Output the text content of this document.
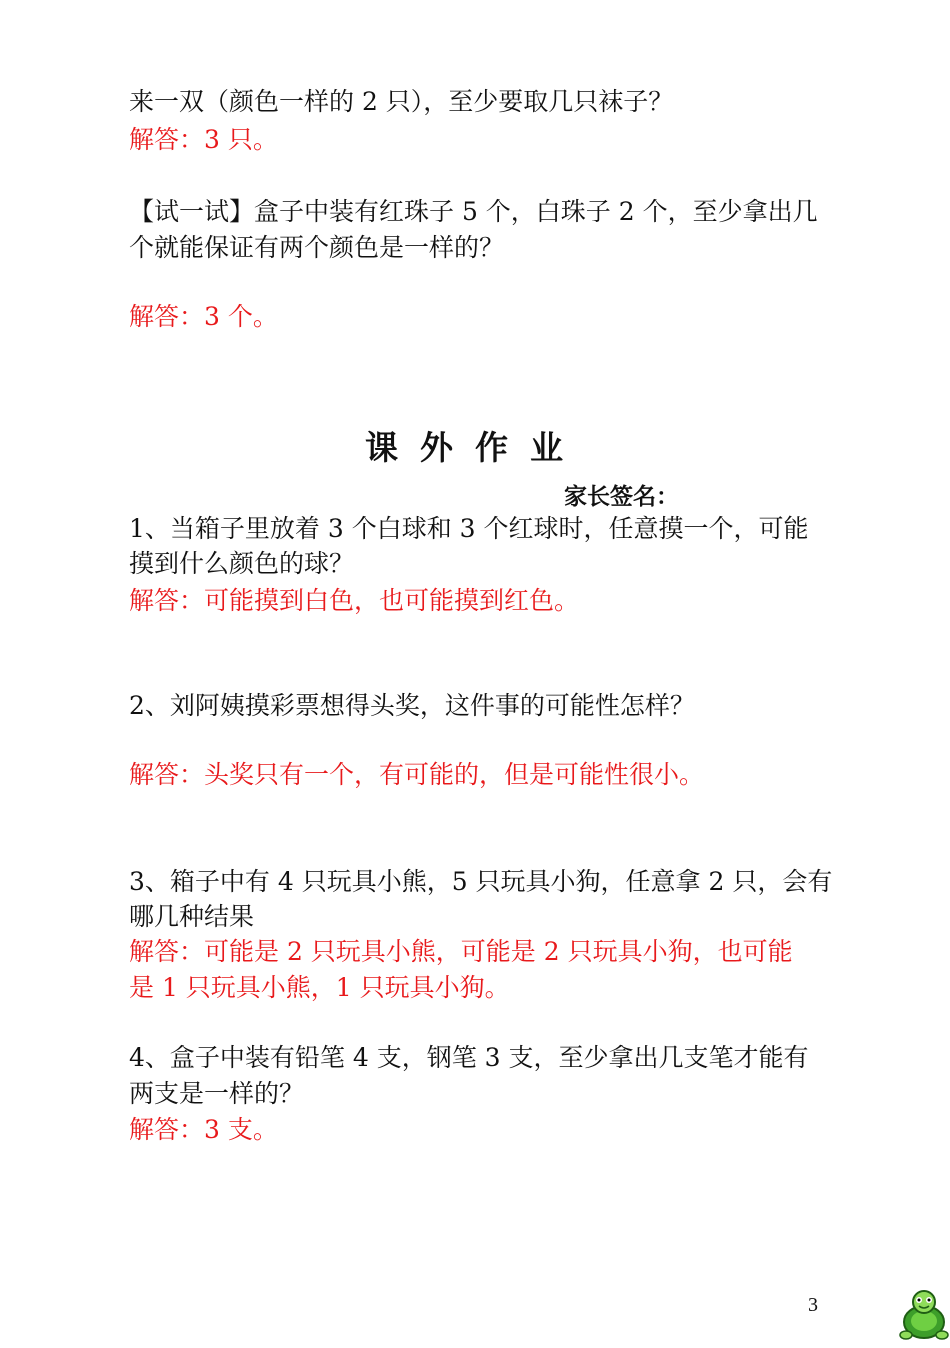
来一双（颜色一样的 2 只），至少要取几只袜子？
解答：3 只。
【试一试】盒子中装有红珠子 5 个，白珠子 2 个，至少拿出几
个就能保证有两个颜色是一样的？
解答：3 个。
课外作业
家长签名：
1、当箱子里放着 3 个白球和 3 个红球时，任意摸一个，可能
摸到什么颜色的球？
解答：可能摸到白色，也可能摸到红色。
2、刘阿姨摸彩票想得头奖，这件事的可能性怎样？
解答：头奖只有一个，有可能的，但是可能性很小。
3、箱子中有 4 只玩具小熊，5 只玩具小狗，任意拿 2 只，会有
哪几种结果
解答：可能是 2 只玩具小熊，可能是 2 只玩具小狗，也可能
是 1 只玩具小熊，1 只玩具小狗。
4、盒子中装有铅笔 4 支，钢笔 3 支，至少拿出几支笔才能有
两支是一样的？
解答：3 支。
3
